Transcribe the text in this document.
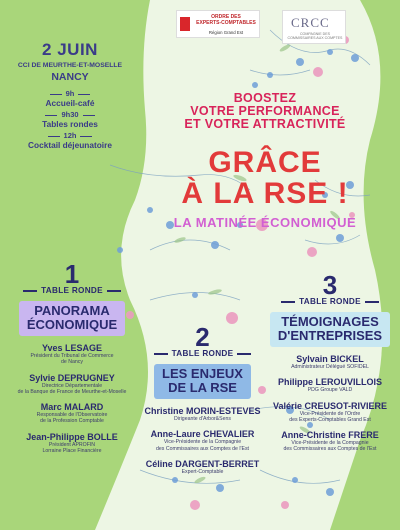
ORDRE DES
EXPERTS-COMPTABLES
Région Grand Est
CRCC
COMPAGNIE DES COMMISSAIRES AUX COMPTES
2 JUIN
CCI DE MEURTHE-ET-MOSELLE
NANCY
9h
Accueil-café
9h30
Tables rondes
12h
Cocktail déjeunatoire
BOOSTEZ
VOTRE PERFORMANCE
ET VOTRE ATTRACTIVITÉ
GRÂCE
À LA RSE !
LA MATINÉE ÉCONOMIQUE
1
TABLE RONDE
PANORAMA
ÉCONOMIQUE
Yves LESAGE
Président du Tribunal de Commerce
de Nancy
Sylvie DEPRUGNEY
Directrice Départementale
de la Banque de France de Meurthe-et-Moselle
Marc MALARD
Responsable de l'Observatoire
de la Profession Comptable
Jean-Philippe BOLLE
Président APROFIN
Lorraine Place Financière
2
TABLE RONDE
LES ENJEUX
DE LA RSE
Christine MORIN-ESTEVES
Dirigeante d'Arbor&Sens
Anne-Laure CHEVALIER
Vice-Présidente de la Compagnie
des Commissaires aux Comptes de l'Est
Céline DARGENT-BERRET
Expert-Comptable
3
TABLE RONDE
TÉMOIGNAGES
D'ENTREPRISES
Sylvain BICKEL
Administrateur Délégué SOFIDEL
Philippe LEROUVILLOIS
PDG Groupe VALD
Valérie CREUSOT-RIVIERE
Vice-Présidente de l'Ordre
des Experts-Comptables Grand Est
Anne-Christine FRERE
Vice-Présidente de la Compagnie
des Commissaires aux Comptes de l'Est
